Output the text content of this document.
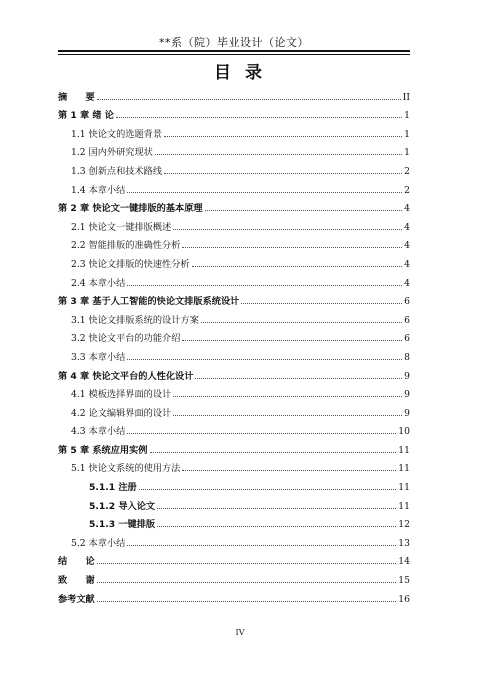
**系（院）毕业设计（论文）
目 录
摘　　要	II
第 1 章 绪 论	1
1.1 快论文的选题背景	1
1.2 国内外研究现状	1
1.3 创新点和技术路线	2
1.4 本章小结	2
第 2 章 快论文一键排版的基本原理	4
2.1 快论文一键排版概述	4
2.2 智能排版的准确性分析	4
2.3 快论文排版的快速性分析	4
2.4 本章小结	4
第 3 章 基于人工智能的快论文排版系统设计	6
3.1 快论文排版系统的设计方案	6
3.2 快论文平台的功能介绍	6
3.3 本章小结	8
第 4 章 快论文平台的人性化设计	9
4.1 模板选择界面的设计	9
4.2 论文编辑界面的设计	9
4.3 本章小结	10
第 5 章 系统应用实例	11
5.1 快论文系统的使用方法	11
5.1.1 注册	11
5.1.2 导入论文	11
5.1.3 一键排版	12
5.2 本章小结	13
结　　论	14
致　　谢	15
参考文献	16
IV
